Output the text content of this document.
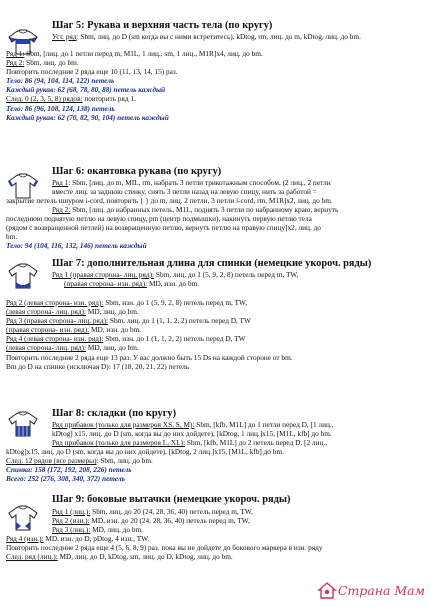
Шаг 5: Рукава и верхняя часть тела (по кругу)
Уст. ряд: Sbm, лиц. до D (sm когда вы с ними встретитесь), kDtog, rm, лиц. до m, kDtog, лиц. до bm.

Ряд 1: Sbm, [лиц. до 1 петли перед m, M1L, 1 лиц., sm, 1 лиц., M1R]x4, лиц. до bm.
Ряд 2: Sbm, лиц. до bm.
Повторить последние 2 ряда еще 10 (11, 13, 14, 15) раз.
Тело: 86 (94, 104, 114, 122) петель
Каждый рукав: 62 (68, 78, 80, 88) петель каждый
След. 0 (2, 3, 5, 8) рядов: повторить ряд 1.
Тело: 86 (96, 108, 124, 138) петель
Каждый рукав: 62 (70, 82, 90, 104) петель каждый
Шаг 6: окантовка рукава (по кругу)
Ряд 1: Sbm, [лиц. до m, MIL, rm, набрать 3 петли трикотажным способом, (2 лиц., 2 петли
вместе лиц. за заднюю стенку, снять 3 петли назад на левую спицу, нить за работой =
закрытие петель шнуром i-cord, повторить { } до m, лиц. 2 петли, 3 петли i-cord, rm, M1R]x2, лиц. до bm.
Ряд 2: Sbm, [лиц. до набранных петель, M1L, поднять 3 петли по набранному краю, вернуть
последнюю поднятую петлю на левую спицу, pm (центр подмышки), накинуть первую петлю тела
(рядом с возвращенной петлей) на возвращенную петлю, вернуть петлю на правую спицу]x2, лиц. до
bm.
Тело: 94 (104, 116, 132, 146) петель каждый
Шаг 7: дополнительная длина для спинки (немецкие укороч. ряды)
Ряд 1 (правая сторона- лиц. ряд): Sbm, лиц. до 1 (5, 9, 2, 8) петель перед m, TW,
(правая сторона- изн. ряд): MD, изн. до bm.
Ряд 2 (левая сторона- изн. ряд): Sbm, изн. до 1 (5, 9, 2, 8) петель перед m, TW,
(левая сторона- лиц. ряд): MD, лиц. до bm.
Ряд 3 (правая сторона- лиц. ряд): Sbm, лиц. до 1 (1, 1, 2, 2) петель перед D, TW
(правая сторона- изн. ряд): MD, изн. до bm.
Ряд 4 (левая сторона- изн. ряд): Sbm, изн. до 1 (1, 1, 2, 2) петель перед D, TW
(левая сторона- лиц. ряд): MD, лиц. до bm.
Повторить последние 2 ряда еще 13 раз. У вас должно быть 15 Ds на каждой стороне от bm.
Вm до D на спинке (исключая D): 17 (18, 20, 21, 22) петель
Шаг 8: складки (по кругу)
Ряд прибавок (только для размеров XS, S, M): Sbm, [kfb, M1L] до 1 петли перед D, [1 лиц.,
kDtog] x15, лиц. до D (sm, когда вы до них дойдете), [kDtog, 1 лиц.]x15, [M1L, kfb] до bm.
Ряд прибавок (только для размеров L, XL): Sbm, [kfb, M1L] до 2 петель перед D, [2 лиц.,
kDtog]x15, лиц. до D (sm, когда вы до них дойдете), [kDtog, 2 лиц.]x15, [M1L, kfb] до bm.
След. 12 рядов (все размеры): Sbm, лиц. до bm.
Спинка: 158 (172, 192, 208, 226) петель
Всего: 252 (276, 308, 340, 372) петель
Шаг 9: боковые вытачки (немецкие укороч. ряды)
Ряд 1 (лиц.): Sbm, лиц. до 20 (24, 28, 36, 40) петель перед m, TW,
Ряд 2 (изн.): MD, изн. до 20 (24, 28, 36, 40) петель перед m, TW,
Ряд 3 (лиц.): MD, лиц. до bm.
Ряд 4 (изн.): MD, изн. до D, pDtog, 4 изн., TW.
Повторить последние 2 ряда еще 4 (5, 6, 8, 9) раз. пока вы не дойдете до бокового маркера в изн. ряду
След. ряд (лиц.): MD, лиц. до D, kDtog, sm, лиц. до D, kDtog, лиц. до bm.
Страна Мам
